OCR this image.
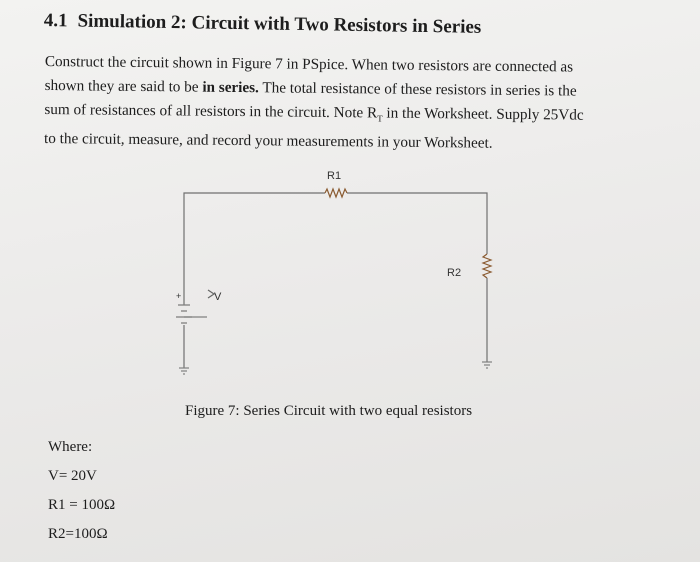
4.1 Simulation 2: Circuit with Two Resistors in Series
Construct the circuit shown in Figure 7 in PSpice. When two resistors are connected as
shown they are said to be in series. The total resistance of these resistors in series is the
sum of resistances of all resistors in the circuit. Note $R_T$ in the Worksheet. Supply 25Vdc
to the circuit, measure, and record your measurements in your Worksheet.
R1
R2
V
+
Figure 7: Series Circuit with two equal resistors
Where:
V= 20V
R1 = 100Ω
R2=100Ω
